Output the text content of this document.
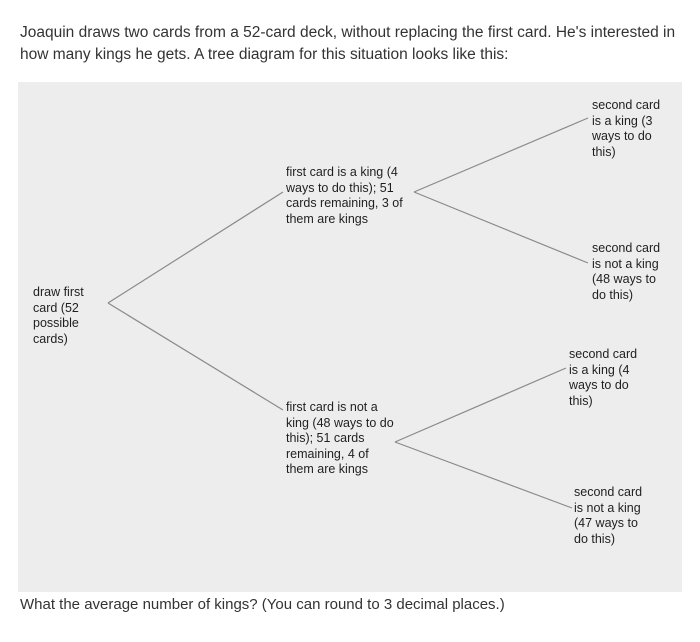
Joaquin draws two cards from a 52-card deck, without replacing the first card. He's interested in how many kings he gets. A tree diagram for this situation looks like this:

draw first card (52 possible cards)

first card is a king (4 ways to do this); 51 cards remaining, 3 of them are kings

first card is not a king (48 ways to do this); 51 cards remaining, 4 of them are kings

second card is a king (3 ways to do this)

second card is not a king (48 ways to do this)

second card is a king (4 ways to do this)

second card is not a king (47 ways to do this)

What the average number of kings? (You can round to 3 decimal places.)
